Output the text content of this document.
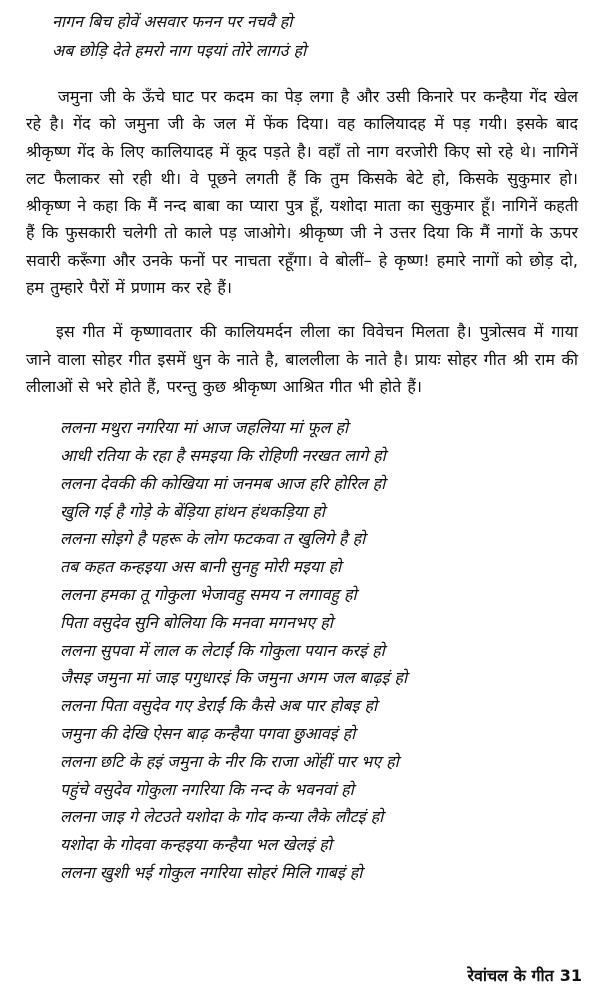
नागन बिच होवें असवार फनन पर नचवै हो
अब छोड़ि देते हमरो नाग पइयां तोरे लागउं हो

जमुना जी के ऊँचे घाट पर कदम का पेड़ लगा है और उसी किनारे पर कन्हैया गेंद खेल रहे है। गेंद को जमुना जी के जल में फेंक दिया। वह कालियादह में पड़ गयी। इसके बाद श्रीकृष्ण गेंद के लिए कालियादह में कूद पड़ते है। वहाँ तो नाग वरजोरी किए सो रहे थे। नागिनें लट फैलाकर सो रही थी। वे पूछने लगती हैं कि तुम किसके बेटे हो, किसके सुकुमार हो। श्रीकृष्ण ने कहा कि मैं नन्द बाबा का प्यारा पुत्र हूँ, यशोदा माता का सुकुमार हूँ। नागिनें कहती हैं कि फुसकारी चलेगी तो काले पड़ जाओगे। श्रीकृष्ण जी ने उत्तर दिया कि मैं नागों के ऊपर सवारी करूँगा और उनके फनों पर नाचता रहूँगा। वे बोलीं– हे कृष्ण! हमारे नागों को छोड़ दो, हम तुम्हारे पैरों में प्रणाम कर रहे हैं।

इस गीत में कृष्णावतार की कालियमर्दन लीला का विवेचन मिलता है। पुत्रोत्सव में गाया जाने वाला सोहर गीत इसमें धुन के नाते है, बाललीला के नाते है। प्रायः सोहर गीत श्री राम की लीलाओं से भरे होते हैं, परन्तु कुछ श्रीकृष्ण आश्रित गीत भी होते हैं।

ललना मथुरा नगरिया मां आज जहलिया मां फूल हो
आधी रतिया के रहा है समइया कि रोहिणी नरखत लागे हो
ललना देवकी की कोखिया मां जनमब आज हरि होरिल हो
खुलि गई है गोड़े के बेंड़िया हांथन हंथकड़िया हो
ललना सोइगे है पहरू के लोग फटकवा त खुलिगे है हो
तब कहत कन्हइया अस बानी सुनहु मोरी मइया हो
ललना हमका तू गोकुला भेजावहु समय न लगावहु हो
पिता वसुदेव सुनि बोलिया कि मनवा मगनभए हो
ललना सुपवा में लाल क लेटाईं कि गोकुला पयान करइं हो
जैसइ जमुना मां जाइ पगुधारइं कि जमुना अगम जल बाढ़इं हो
ललना पिता वसुदेव गए डेराईं कि कैसे अब पार होबइ हो
जमुना की देखि ऐसन बाढ़ कन्हैया पगवा छुआवइं हो
ललना छटि के हइं जमुना के नीर कि राजा ओंहीं पार भए हो
पहुंचे वसुदेव गोकुला नगरिया कि नन्द के भवनवां हो
ललना जाइ गे लेटउते यशोदा के गोद कन्या लैके लौटइं हो
यशोदा के गोदवा कन्हइया कन्हैया भल खेलइं हो
ललना खुशी भई गोकुल नगरिया सोहरं मिलि गाबइं हो
रेवांचल के गीत 31
